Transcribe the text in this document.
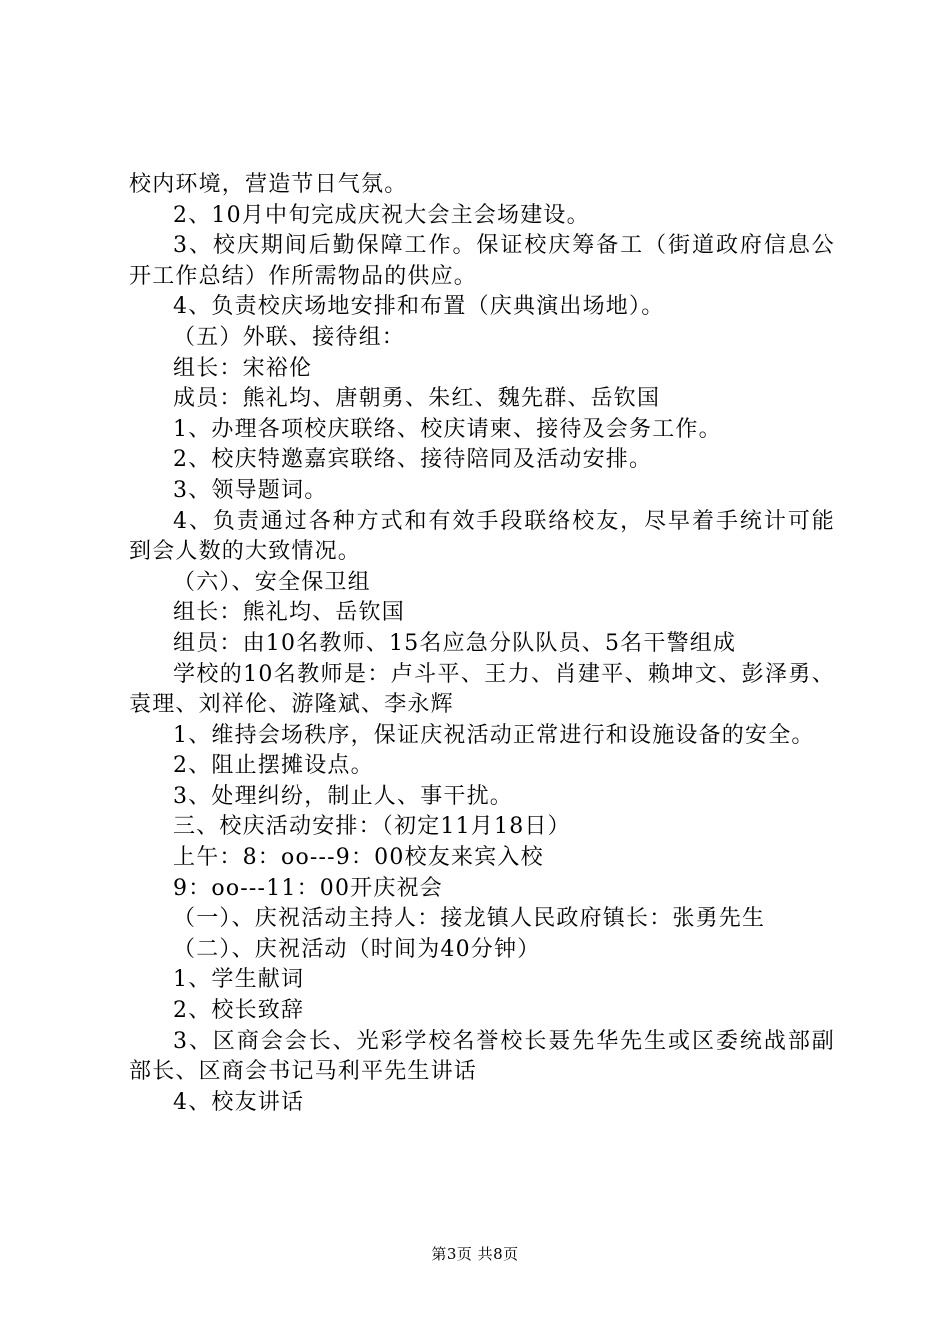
校内环境，营造节日气氛。

2、10月中旬完成庆祝大会主会场建设。

3、校庆期间后勤保障工作。保证校庆筹备工（街道政府信息公开工作总结）作所需物品的供应。

4、负责校庆场地安排和布置（庆典演出场地）。

（五）外联、接待组：

组长：宋裕伦

成员：熊礼均、唐朝勇、朱红、魏先群、岳钦国

1、办理各项校庆联络、校庆请柬、接待及会务工作。

2、校庆特邀嘉宾联络、接待陪同及活动安排。

3、领导题词。

4、负责通过各种方式和有效手段联络校友，尽早着手统计可能到会人数的大致情况。

（六）、安全保卫组

组长：熊礼均、岳钦国

组员：由10名教师、15名应急分队队员、5名干警组成

学校的10名教师是：卢斗平、王力、肖建平、赖坤文、彭泽勇、袁理、刘祥伦、游隆斌、李永辉

1、维持会场秩序，保证庆祝活动正常进行和设施设备的安全。

2、阻止摆摊设点。

3、处理纠纷，制止人、事干扰。

三、校庆活动安排：（初定11月18日）

上午：8：oo---9：00校友来宾入校

9：oo---11：00开庆祝会

（一）、庆祝活动主持人：接龙镇人民政府镇长：张勇先生

（二）、庆祝活动（时间为40分钟）

1、学生献词

2、校长致辞

3、区商会会长、光彩学校名誉校长聂先华先生或区委统战部副部长、区商会书记马利平先生讲话

4、校友讲话

第3页 共8页
